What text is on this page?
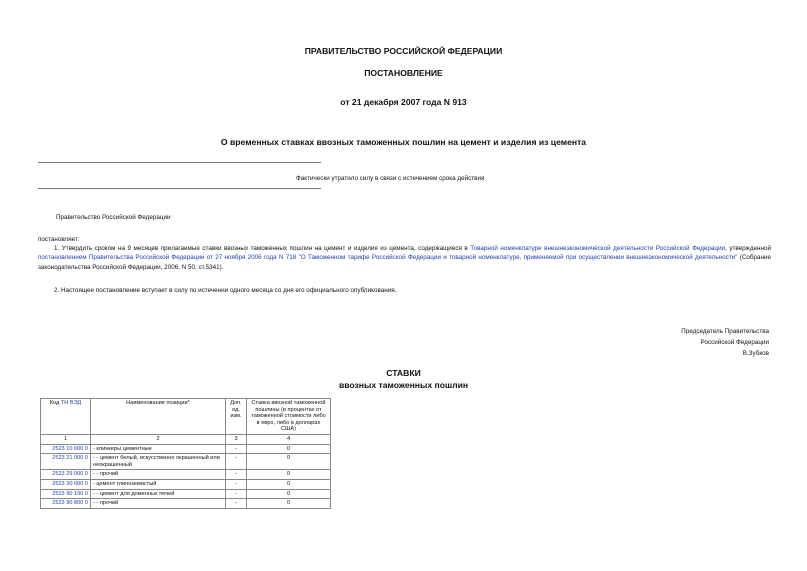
ПРАВИТЕЛЬСТВО РОССИЙСКОЙ ФЕДЕРАЦИИ
ПОСТАНОВЛЕНИЕ
от 21 декабря 2007 года N 913
О временных ставках ввозных таможенных пошлин на цемент и изделия из цемента
Фактически утратило силу в связи с истечением срока действия
Правительство Российской Федерации
постановляет:
1. Утвердить сроком на 9 месяцев прилагаемые ставки ввозных таможенных пошлин на цемент и изделия из цемента, содержащиеся в Товарной номенклатуре внешнеэкономической деятельности Российской Федерации, утвержденной постановлением Правительства Российской Федерации от 27 ноября 2006 года N 718 "О Таможенном тарифе Российской Федерации и товарной номенклатуре, применяемой при осуществлении внешнеэкономической деятельности" (Собрание законодательства Российской Федерации, 2006, N 50, ст.5341).
2. Настоящее постановление вступает в силу по истечении одного месяца со дня его официального опубликования.
Председатель Правительства
Российской Федерации
В.Зубков
СТАВКИ
ввозных таможенных пошлин
Код ТН ВЭД	Наименование позиции*	Доп. ед. изм.	Ставка ввозной таможенной пошлины (в процентах от таможенной стоимости либо в евро, либо в долларах США)
1	2	3	4
2523 10 000 0	- клинкеры цементные	-	0
2523 21 000 0	- - цемент белый, искусственно окрашенный или неокрашенный	-	0
2523 29 000 0	- - прочий	-	0
2523 30 000 0	- цемент глиноземистый	-	0
2523 90 100 0	- - цемент для доменных печей	-	0
2523 90 800 0	- - прочий	-	0
